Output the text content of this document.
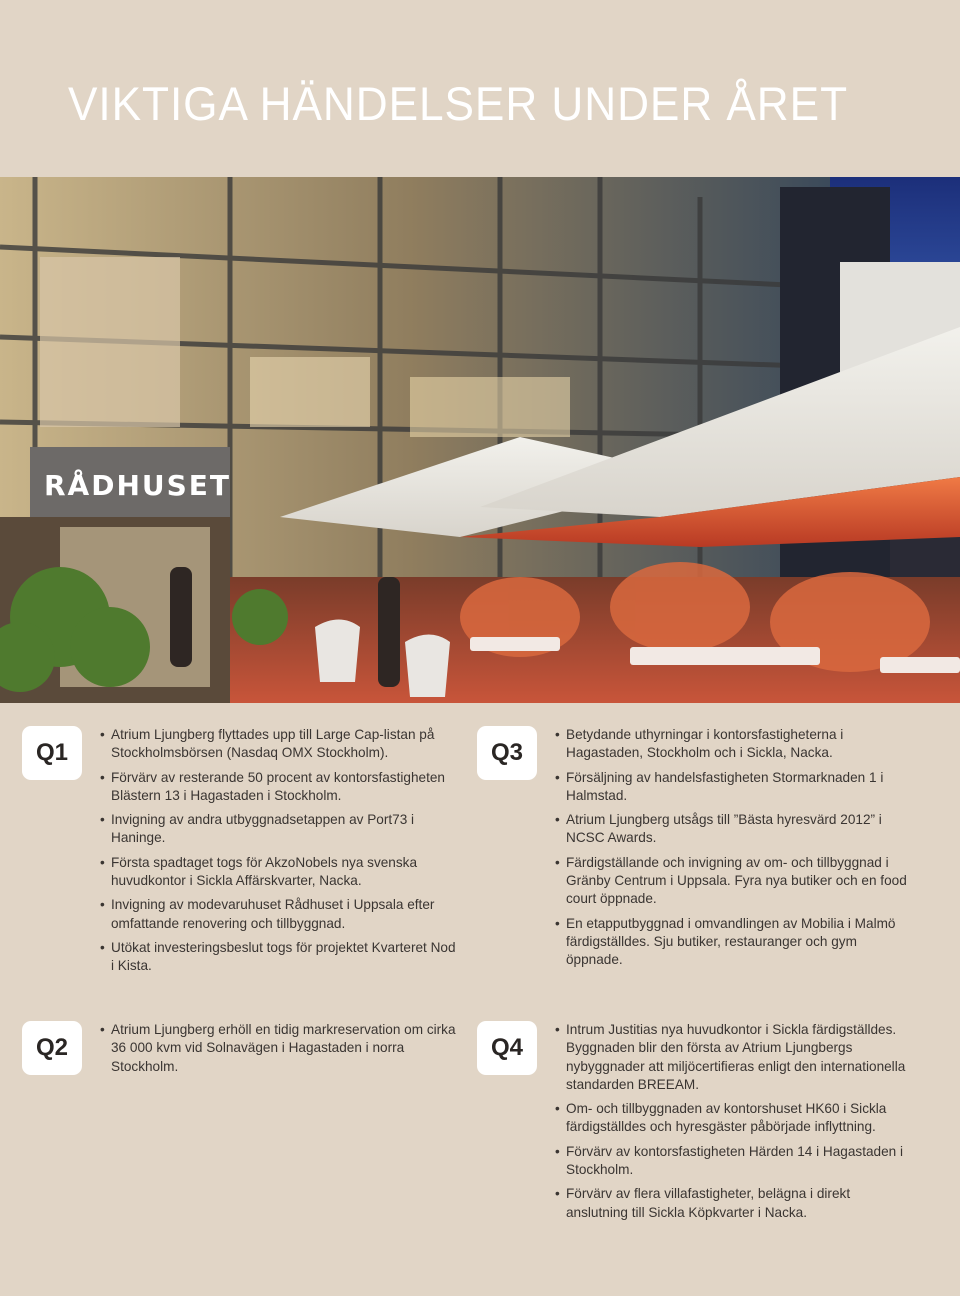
VIKTIGA HÄNDELSER UNDER ÅRET
RÅDHUSET
Q1
• Atrium Ljungberg flyttades upp till Large Cap-listan på Stockholmsbörsen (Nasdaq OMX Stockholm).
• Förvärv av resterande 50 procent av kontorsfastigheten Blästern 13 i Hagastaden i Stockholm.
• Invigning av andra utbyggnadsetappen av Port73 i Haninge.
• Första spadtaget togs för AkzoNobels nya svenska huvudkontor i Sickla Affärskvarter, Nacka.
• Invigning av modevaruhuset Rådhuset i Uppsala efter omfattande renovering och tillbyggnad.
• Utökat investeringsbeslut togs för projektet Kvarteret Nod i Kista.
Q2
• Atrium Ljungberg erhöll en tidig markreservation om cirka 36 000 kvm vid Solnavägen i Hagastaden i norra Stockholm.
Q3
• Betydande uthyrningar i kontorsfastigheterna i Hagastaden, Stockholm och i Sickla, Nacka.
• Försäljning av handelsfastigheten Stormarknaden 1 i Halmstad.
• Atrium Ljungberg utsågs till ”Bästa hyresvärd 2012” i NCSC Awards.
• Färdigställande och invigning av om- och tillbyggnad i Gränby Centrum i Uppsala. Fyra nya butiker och en food court öppnade.
• En etapputbyggnad i omvandlingen av Mobilia i Malmö färdigställdes. Sju butiker, restauranger och gym öppnade.
Q4
• Intrum Justitias nya huvudkontor i Sickla färdigställdes. Byggnaden blir den första av Atrium Ljungbergs nybyggnader att miljöcertifieras enligt den internationella standarden BREEAM.
• Om- och tillbyggnaden av kontorshuset HK60 i Sickla färdigställdes och hyresgäster påbörjade inflyttning.
• Förvärv av kontorsfastigheten Härden 14 i Hagastaden i Stockholm.
• Förvärv av flera villafastigheter, belägna i direkt anslutning till Sickla Köpkvarter i Nacka.
